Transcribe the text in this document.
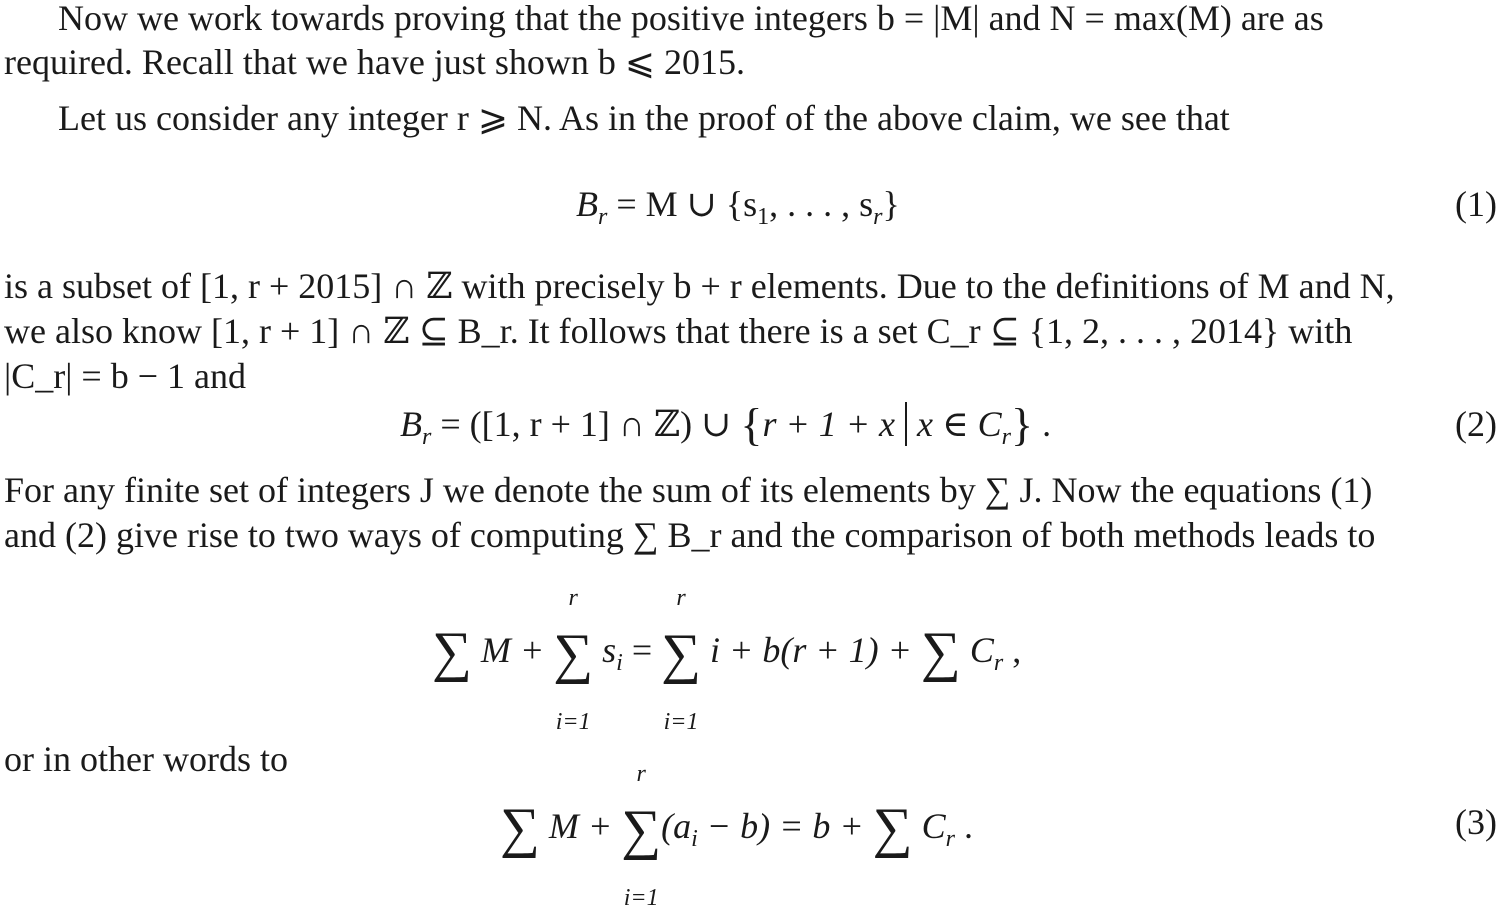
Now we work towards proving that the positive integers b = |M| and N = max(M) are as
required. Recall that we have just shown b ⩽ 2015.
Let us consider any integer r ⩾ N. As in the proof of the above claim, we see that
$B_r = M$ ∪ {$s_1$, . . . , $s_r$}	(1)
is a subset of [1, r + 2015] ∩ ℤ with precisely b + r elements. Due to the definitions of M and N,
we also know [1, r + 1] ∩ ℤ ⊆ B_r. It follows that there is a set C_r ⊆ {1, 2, . . . , 2014} with
|C_r| = b − 1 and
$B_r = ([1$, r + 1] ∩ ℤ) ∪ {r + 1 + x x ∈ $C_r$} .	(2)
For any finite set of integers J we denote the sum of its elements by ∑ J. Now the equations (1)
and (2) give rise to two ways of computing ∑ B_r and the comparison of both methods leads to
∑ M +
r
∑
i=1
$s_i$ =
r
∑
i=1
i + b(r + 1) + ∑ $C_r$ ,
or in other words to
∑ M +
r
∑
i=1
$(a_i - b) = b$ + ∑ $C_r$ .	(3)
